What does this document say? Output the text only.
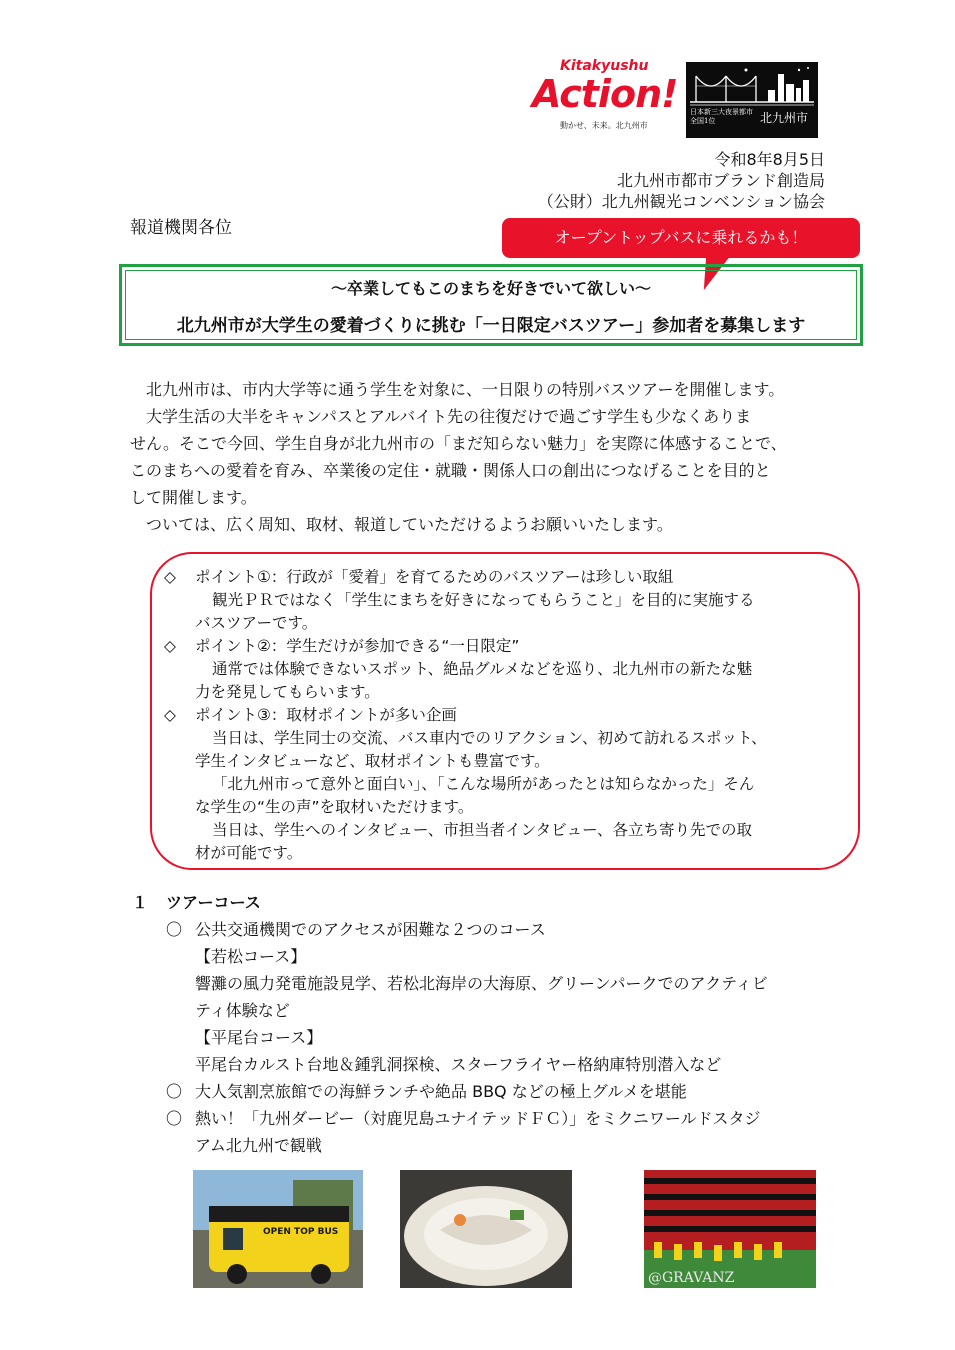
Kitakyushu
Action!
動かせ、未来。北九州市
日本新三大夜景都市 全国1位	北九州市
令和8年8月5日
北九州市都市ブランド創造局
（公財）北九州観光コンベンション協会
報道機関各位	オープントップバスに乗れるかも！
～卒業してもこのまちを好きでいて欲しい～
北九州市が大学生の愛着づくりに挑む「一日限定バスツアー」参加者を募集します
北九州市は、市内大学等に通う学生を対象に、一日限りの特別バスツアーを開催します。
大学生活の大半をキャンパスとアルバイト先の往復だけで過ごす学生も少なくありま
せん。そこで今回、学生自身が北九州市の「まだ知らない魅力」を実際に体感することで、
このまちへの愛着を育み、卒業後の定住・就職・関係人口の創出につなげることを目的と
して開催します。
ついては、広く周知、取材、報道していただけるようお願いいたします。
◇ ポイント①：行政が「愛着」を育てるためのバスツアーは珍しい取組
観光ＰＲではなく「学生にまちを好きになってもらうこと」を目的に実施する
バスツアーです。
◇ ポイント②：学生だけが参加できる“一日限定”
通常では体験できないスポット、絶品グルメなどを巡り、北九州市の新たな魅
力を発見してもらいます。
◇ ポイント③：取材ポイントが多い企画
当日は、学生同士の交流、バス車内でのリアクション、初めて訪れるスポット、
学生インタビューなど、取材ポイントも豊富です。
「北九州市って意外と面白い」、「こんな場所があったとは知らなかった」そん
な学生の“生の声”を取材いただけます。
当日は、学生へのインタビュー、市担当者インタビュー、各立ち寄り先での取
材が可能です。
１ ツアーコース
〇 公共交通機関でのアクセスが困難な２つのコース
【若松コース】
響灘の風力発電施設見学、若松北海岸の大海原、グリーンパークでのアクティビ
ティ体験など
【平尾台コース】
平尾台カルスト台地＆鍾乳洞探検、スターフライヤー格納庫特別潜入など
〇 大人気割烹旅館での海鮮ランチや絶品 BBQ などの極上グルメを堪能
〇 熱い！「九州ダービー（対鹿児島ユナイテッドＦＣ）」をミクニワールドスタジ
アム北九州で観戦
OPEN TOP BUS
@GRAVANZ
